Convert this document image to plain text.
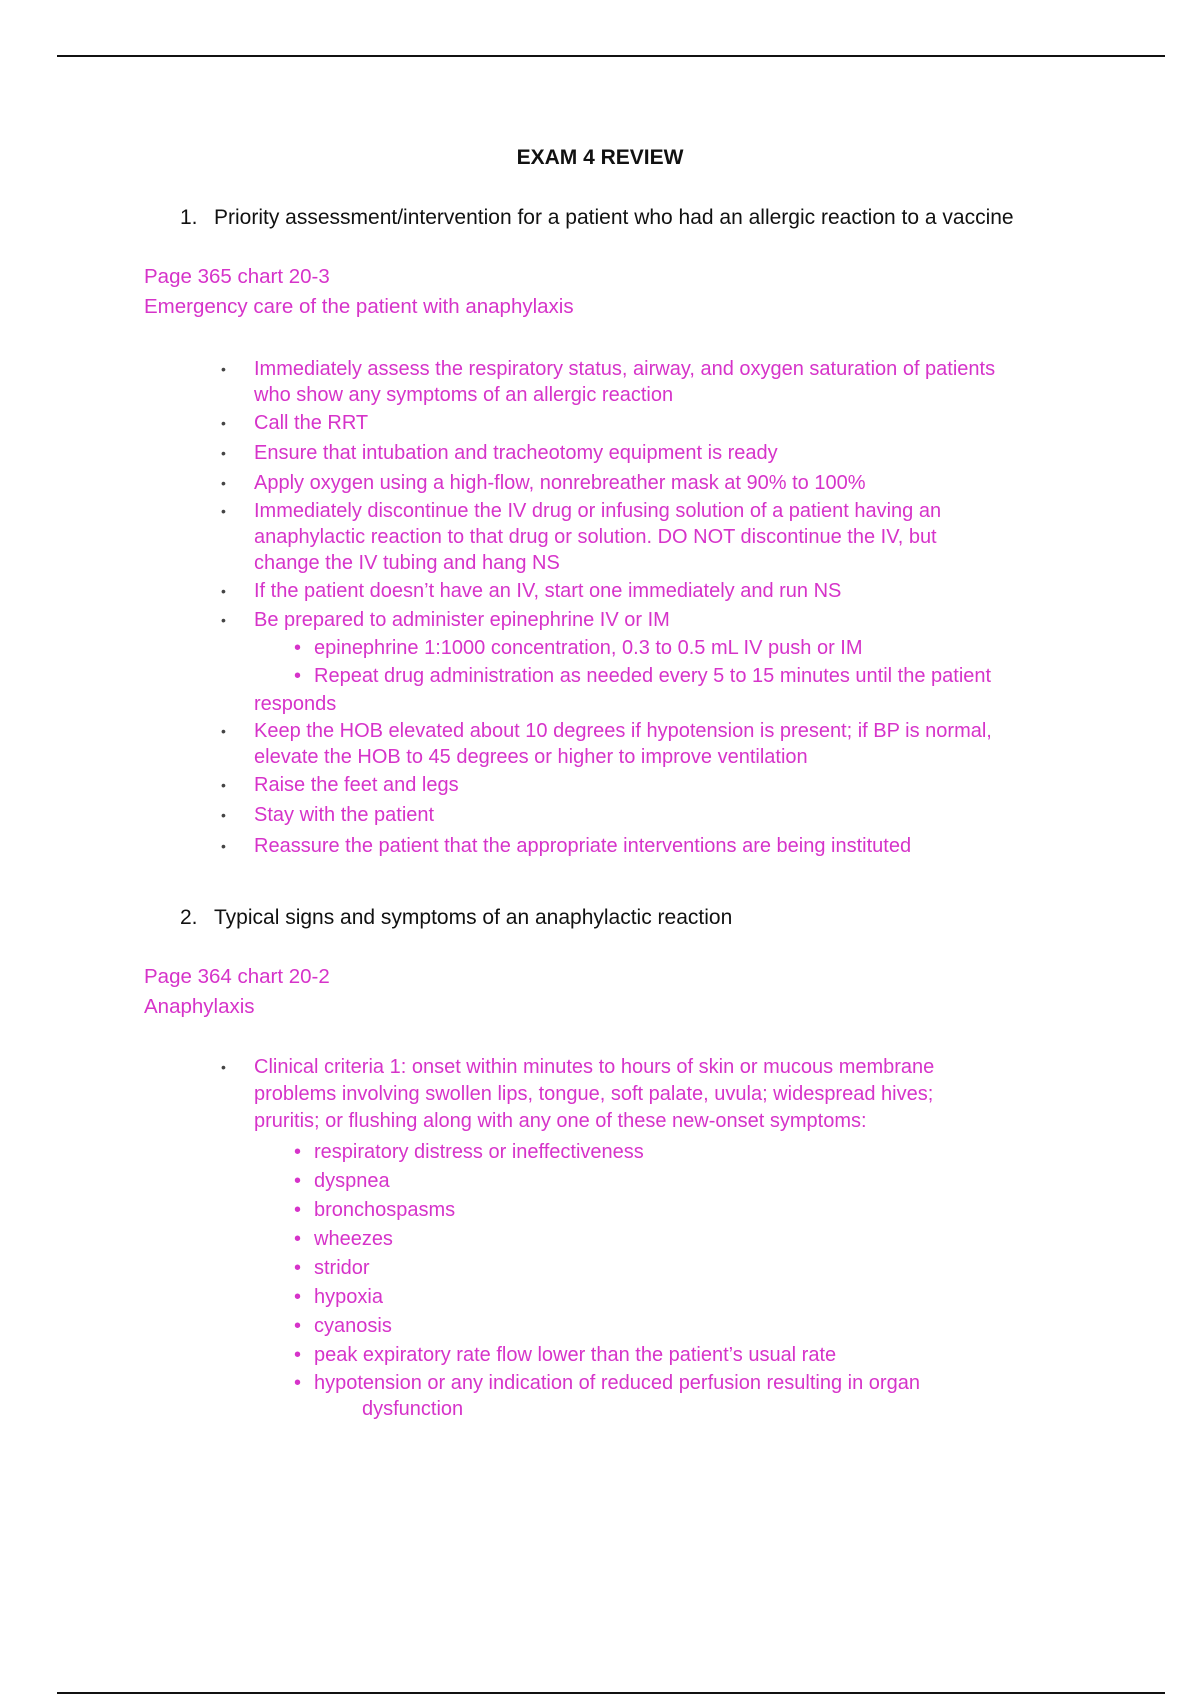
EXAM 4 REVIEW
1. Priority assessment/intervention for a patient who had an allergic reaction to a vaccine
Page 365 chart 20-3
Emergency care of the patient with anaphylaxis
• Immediately assess the respiratory status, airway, and oxygen saturation of patients
who show any symptoms of an allergic reaction
• Call the RRT
• Ensure that intubation and tracheotomy equipment is ready
• Apply oxygen using a high-flow, nonrebreather mask at 90% to 100%
• Immediately discontinue the IV drug or infusing solution of a patient having an
anaphylactic reaction to that drug or solution. DO NOT discontinue the IV, but
change the IV tubing and hang NS
• If the patient doesn’t have an IV, start one immediately and run NS
• Be prepared to administer epinephrine IV or IM
• epinephrine 1:1000 concentration, 0.3 to 0.5 mL IV push or IM
• Repeat drug administration as needed every 5 to 15 minutes until the patient
responds
• Keep the HOB elevated about 10 degrees if hypotension is present; if BP is normal,
elevate the HOB to 45 degrees or higher to improve ventilation
• Raise the feet and legs
• Stay with the patient
• Reassure the patient that the appropriate interventions are being instituted
2. Typical signs and symptoms of an anaphylactic reaction
Page 364 chart 20-2
Anaphylaxis
• Clinical criteria 1: onset within minutes to hours of skin or mucous membrane
problems involving swollen lips, tongue, soft palate, uvula; widespread hives;
pruritis; or flushing along with any one of these new-onset symptoms:
• respiratory distress or ineffectiveness
• dyspnea
• bronchospasms
• wheezes
• stridor
• hypoxia
• cyanosis
• peak expiratory rate flow lower than the patient’s usual rate
• hypotension or any indication of reduced perfusion resulting in organ
dysfunction
